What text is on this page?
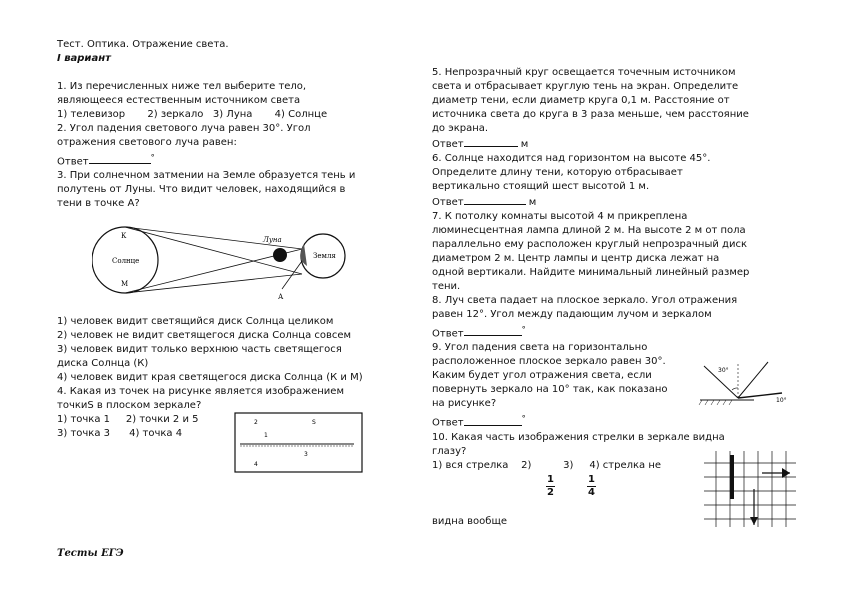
Тест. Оптика. Отражение света.

I вариант

1. Из перечисленных ниже тел выберите тело,

являющееся естественным источником света

1) телевизор       2) зеркало   3) Луна       4) Солнце

2. Угол падения светового луча равен 30°. Угол

отражения светового луча равен:

Ответ	°

3. При солнечном затмении на Земле образуется тень и

полутень от Луны. Что видит человек, находящийся в

тени в точке А?

К
Солнце
М
Луна
Земля
А

1) человек видит светящийся диск Солнца целиком

2) человек не видит светящегося диска Солнца совсем

3) человек видит только верхнюю часть светящегося

диска Солнца (К)

4) человек видит края светящегося диска Солнца (К и М)

4. Какая из точек на рисунке является изображением

точкиS в плоском зеркале?

1) точка 1     2) точки 2 и 5

3) точка 3      4) точка 4

2	S
1
3
4

5. Непрозрачный круг освещается точечным источником

света и отбрасывает круглую тень на экран. Определите

диаметр тени, если диаметр круга 0,1 м. Расстояние от

источника света до круга в 3 раза меньше, чем расстояние

до экрана.

Ответ	м

6. Солнце находится над горизонтом на высоте 45°.

Определите длину тени, которую отбрасывает

вертикально стоящий шест высотой 1 м.

Ответ	м

7. К потолку комнаты высотой 4 м прикреплена

люминесцентная лампа длиной 2 м. На высоте 2 м от пола

параллельно ему расположен круглый непрозрачный диск

диаметром 2 м. Центр лампы и центр диска лежат на

одной вертикали. Найдите минимальный линейный размер

тени.

8. Луч света падает на плоское зеркало. Угол отражения

равен 12°. Угол между падающим лучом и зеркалом

Ответ	°

9. Угол падения света на горизонтально

расположенное плоское зеркало равен 30°.

Каким будет угол отражения света, если

повернуть зеркало на 10° так, как показано

на рисунке?

Ответ	°

10. Какая часть изображения стрелки в зеркале видна

глазу?

1) вся стрелка    2)          3)     4) стрелка не

1
2
1
4

видна вообще

30°
10°

Тесты ЕГЭ
